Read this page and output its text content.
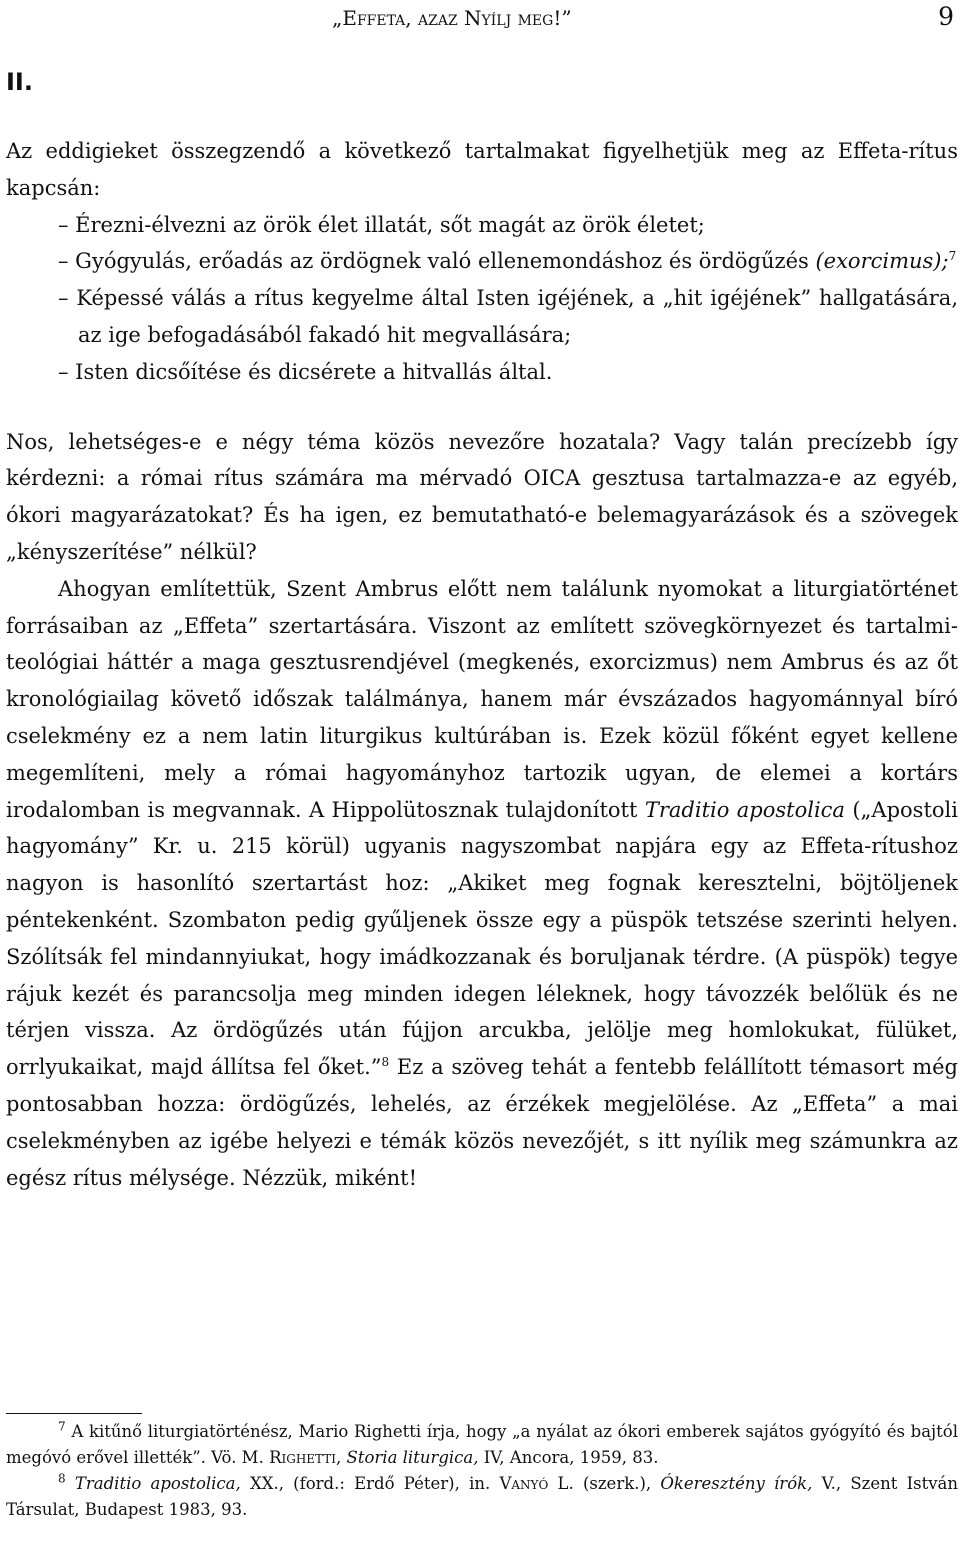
„Effeta, azaz Nyílj meg!”	9
II.

Az eddigieket összegzendő a következő tartalmakat figyelhetjük meg az Effeta-rítus kapcsán:

– Érezni-élvezni az örök élet illatát, sőt magát az örök életet;
– Gyógyulás, erőadás az ördögnek való ellenemondáshoz és ördögűzés (exorcimus);$^7$
– Képessé válás a rítus kegyelme által Isten igéjének, a „hit igéjének” hallgatására, az ige befogadásából fakadó hit megvallására;
– Isten dicsőítése és dicsérete a hitvallás által.

Nos, lehetséges-e e négy téma közös nevezőre hozatala? Vagy talán precízebb így kérdezni: a római rítus számára ma mérvadó OICA gesztusa tartalmazza-e az egyéb, ókori magyarázatokat? És ha igen, ez bemutatható-e belemagyarázások és a szövegek „kényszerítése” nélkül?

Ahogyan említettük, Szent Ambrus előtt nem találunk nyomokat a liturgiatörténet forrásaiban az „Effeta” szertartására. Viszont az említett szövegkörnyezet és tartalmi-teológiai háttér a maga gesztusrendjével (megkenés, exorcizmus) nem Ambrus és az őt kronológiailag követő időszak találmánya, hanem már évszázados hagyománnyal bíró cselekmény ez a nem latin liturgikus kultúrában is. Ezek közül főként egyet kellene megemlíteni, mely a római hagyományhoz tartozik ugyan, de elemei a kortárs irodalomban is megvannak. A Hippolütosznak tulajdonított Traditio apostolica („Apostoli hagyomány” Kr. u. 215 körül) ugyanis nagyszombat napjára egy az Effeta-rítushoz nagyon is hasonlító szertartást hoz: „Akiket meg fognak keresztelni, böjtöljenek péntekenként. Szombaton pedig gyűljenek össze egy a püspök tetszése szerinti helyen. Szólítsák fel mindannyiukat, hogy imádkozzanak és boruljanak térdre. (A püspök) tegye rájuk kezét és parancsolja meg minden idegen léleknek, hogy távozzék belőlük és ne térjen vissza. Az ördögűzés után fújjon arcukba, jelölje meg homlokukat, fülüket, orrlyukaikat, majd állítsa fel őket.”$^8$ Ez a szöveg tehát a fentebb felállított témasort még pontosabban hozza: ördögűzés, lehelés, az érzékek megjelölése. Az „Effeta” a mai cselekményben az igébe helyezi e témák közös nevezőjét, s itt nyílik meg számunkra az egész rítus mélysége. Nézzük, miként!

$^7$ A kitűnő liturgiatörténész, Mario Righetti írja, hogy „a nyálat az ókori emberek sajátos gyógyító és bajtól megóvó erővel illették”. Vö. M. Righetti, Storia liturgica, IV, Ancora, 1959, 83.

$^8$ Traditio apostolica, XX., (ford.: Erdő Péter), in. Vanyó L. (szerk.), Ókeresztény írók, V., Szent István Társulat, Budapest 1983, 93.
